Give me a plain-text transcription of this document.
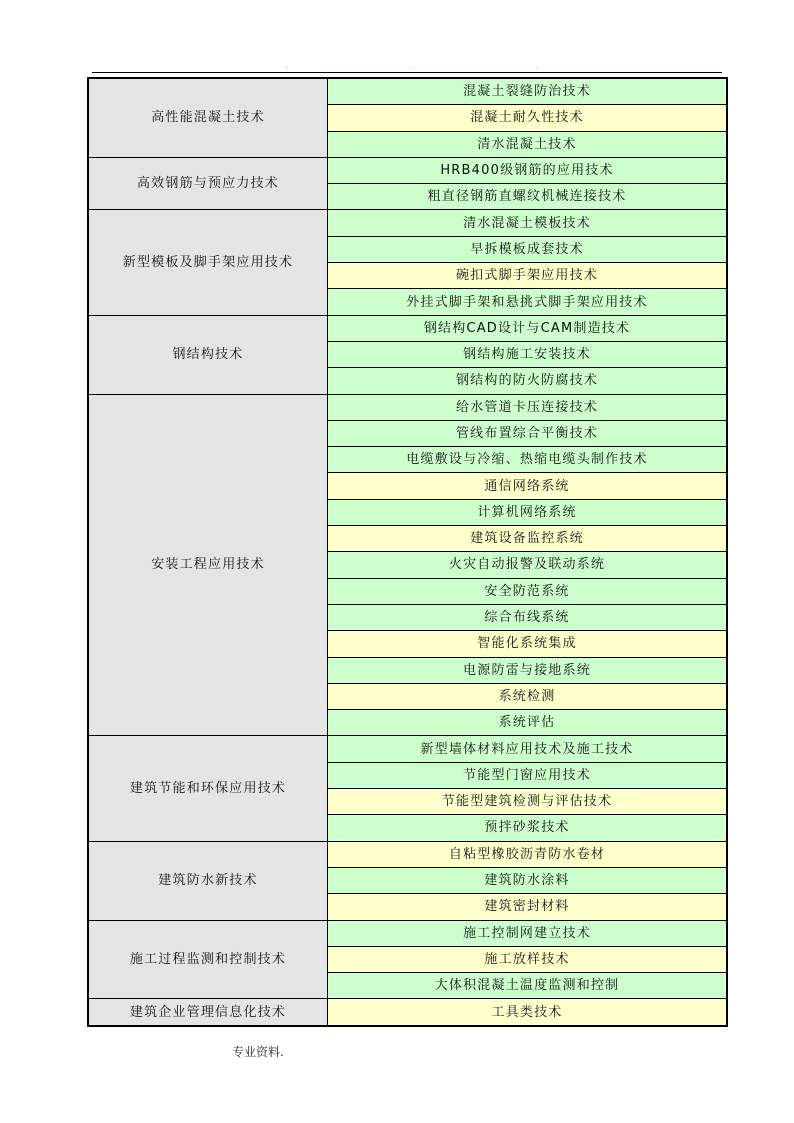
.	.	.
高性能混凝土技术	混凝土裂缝防治技术
	混凝土耐久性技术
	清水混凝土技术
高效钢筋与预应力技术	HRB400级钢筋的应用技术
	粗直径钢筋直螺纹机械连接技术
新型模板及脚手架应用技术	清水混凝土模板技术
	早拆模板成套技术
	碗扣式脚手架应用技术
	外挂式脚手架和悬挑式脚手架应用技术
钢结构技术	钢结构CAD设计与CAM制造技术
	钢结构施工安装技术
	钢结构的防火防腐技术
安装工程应用技术	给水管道卡压连接技术
	管线布置综合平衡技术
	电缆敷设与冷缩、热缩电缆头制作技术
	通信网络系统
	计算机网络系统
	建筑设备监控系统
	火灾自动报警及联动系统
	安全防范系统
	综合布线系统
	智能化系统集成
	电源防雷与接地系统
	系统检测
	系统评估
建筑节能和环保应用技术	新型墙体材料应用技术及施工技术
	节能型门窗应用技术
	节能型建筑检测与评估技术
	预拌砂浆技术
建筑防水新技术	自粘型橡胶沥青防水卷材
	建筑防水涂料
	建筑密封材料
施工过程监测和控制技术	施工控制网建立技术
	施工放样技术
	大体积混凝土温度监测和控制
建筑企业管理信息化技术	工具类技术
专业资料.
